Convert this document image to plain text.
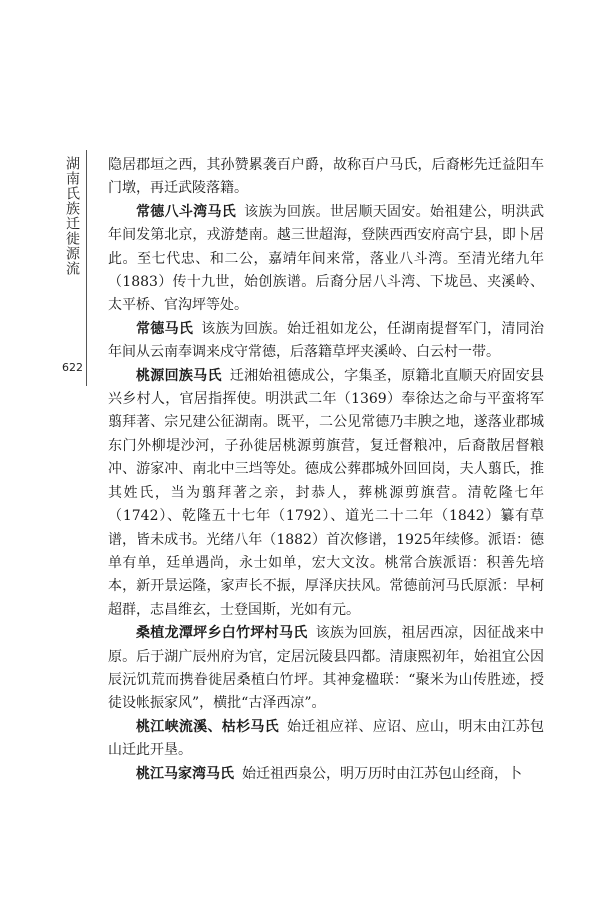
湖南氏族迁徙源流
622

隐居郡垣之西，其孙赞累袭百户爵，故称百户马氏，后裔彬先迁益阳车门墩，再迁武陵落籍。

常德八斗湾马氏 该族为回族。世居顺天固安。始祖建公，明洪武年间发第北京，戎游楚南。越三世超海，登陕西西安府高宁县，即卜居此。至七代忠、和二公，嘉靖年间来常，落业八斗湾。至清光绪九年（1883）传十九世，始创族谱。后裔分居八斗湾、下垅邑、夹溪岭、太平桥、官沟坪等处。

常德马氏 该族为回族。始迁祖如龙公，任湖南提督军门，清同治年间从云南奉调来戍守常德，后落籍草坪夹溪岭、白云村一带。

桃源回族马氏 迁湘始祖德成公，字集圣，原籍北直顺天府固安县兴乡村人，官居指挥使。明洪武二年（1369）奉徐达之命与平蛮将军翦拜著、宗兄建公征湖南。既平，二公见常德乃丰腴之地，遂落业郡城东门外柳堤沙河，子孙徙居桃源剪旗营，复迁督粮冲，后裔散居督粮冲、游家冲、南北中三垱等处。德成公葬郡城外回回岗，夫人翦氏，推其姓氏，当为翦拜著之亲，封恭人，葬桃源剪旗营。清乾隆七年（1742）、乾隆五十七年（1792）、道光二十二年（1842）纂有草谱，皆未成书。光绪八年（1882）首次修谱，1925年续修。派语：德单有单，廷单遇尚，永士如单，宏大文汝。桃常合族派语：积善先培本，新开景运隆，家声长不振，厚泽庆扶风。常德前河马氏原派：早柯超群，志昌维玄，士登国斯，光如有元。

桑植龙潭坪乡白竹坪村马氏 该族为回族，祖居西凉，因征战来中原。后于湖广辰州府为官，定居沅陵县四都。清康熙初年，始祖宜公因辰沅饥荒而携眷徙居桑植白竹坪。其神龛楹联：“聚米为山传胜迹，授徒设帐振家风”，横批“古泽西凉”。

桃江峡流溪、枯杉马氏 始迁祖应祥、应诏、应山，明末由江苏包山迁此开垦。

桃江马家湾马氏 始迁祖西泉公，明万历时由江苏包山经商，卜
